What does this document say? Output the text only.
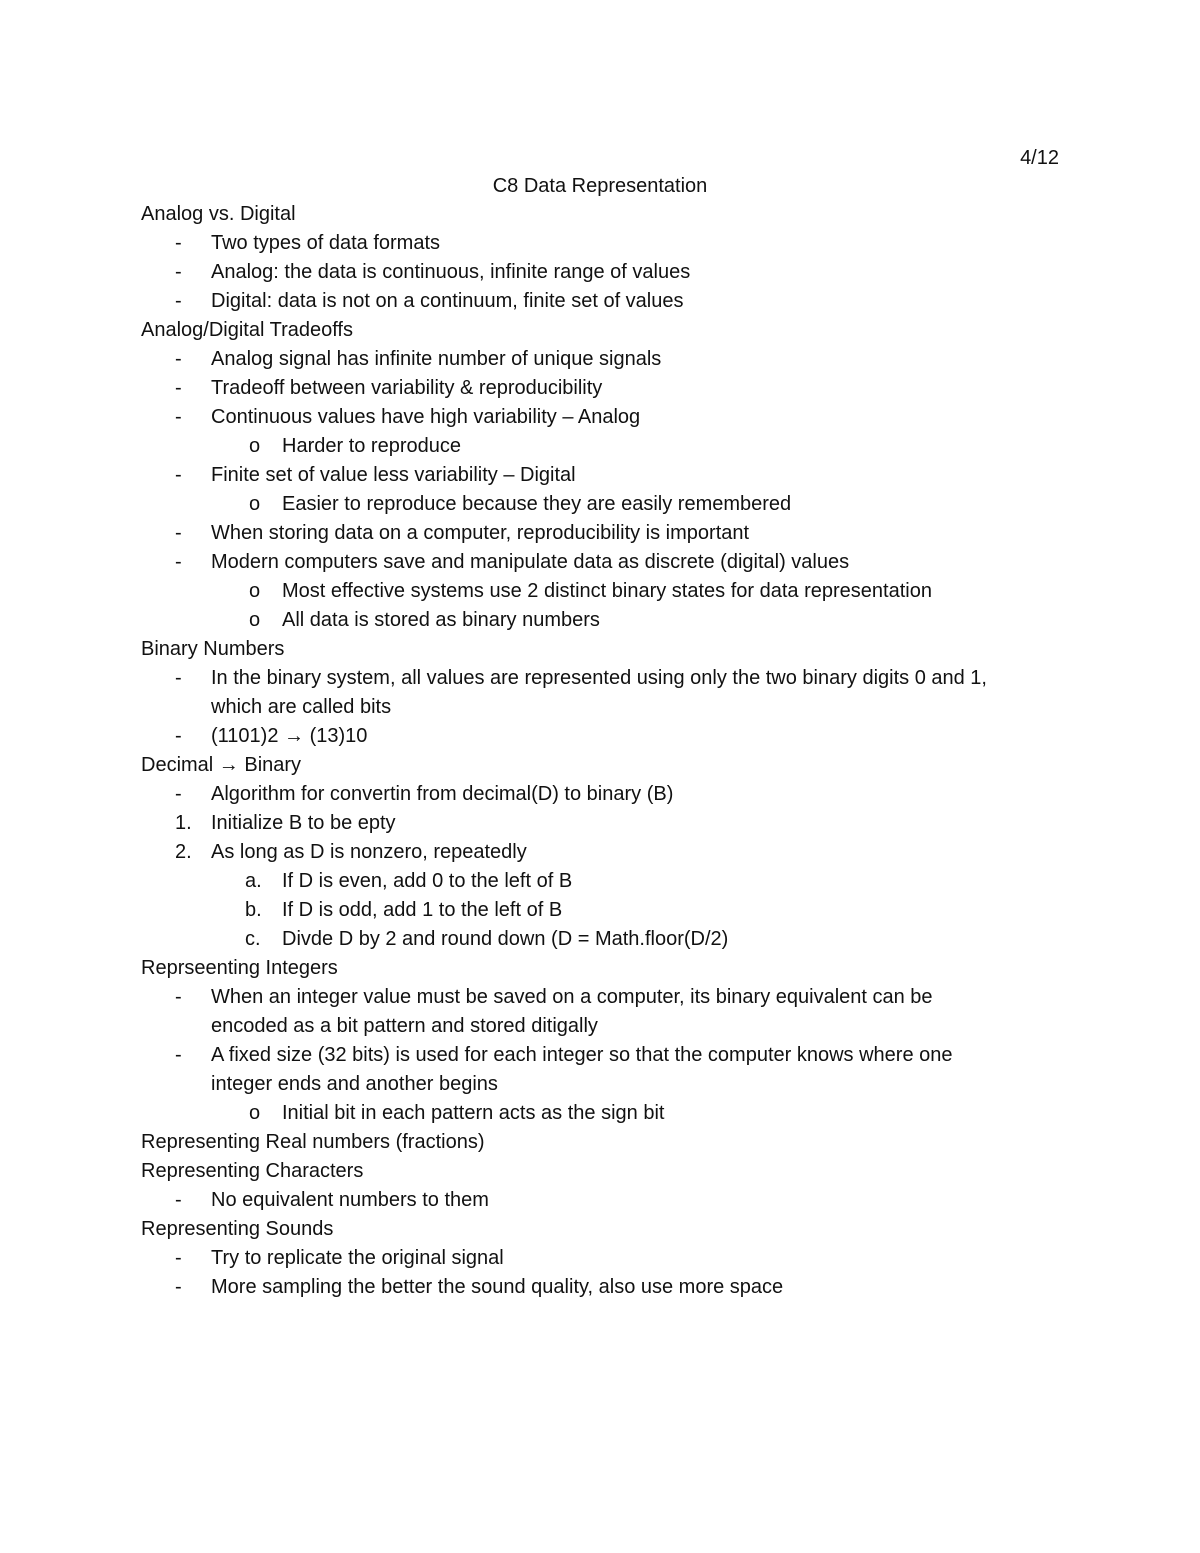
4/12
C8 Data Representation
Analog vs. Digital
- Two types of data formats
- Analog: the data is continuous, infinite range of values
- Digital: data is not on a continuum, finite set of values
Analog/Digital Tradeoffs
- Analog signal has infinite number of unique signals
- Tradeoff between variability & reproducibility
- Continuous values have high variability – Analog
o Harder to reproduce
- Finite set of value less variability – Digital
o Easier to reproduce because they are easily remembered
- When storing data on a computer, reproducibility is important
- Modern computers save and manipulate data as discrete (digital) values
o Most effective systems use 2 distinct binary states for data representation
o All data is stored as binary numbers
Binary Numbers
- In the binary system, all values are represented using only the two binary digits 0 and 1,
which are called bits
- (1101)2 → (13)10
Decimal → Binary
- Algorithm for convertin from decimal(D) to binary (B)
1. Initialize B to be epty
2. As long as D is nonzero, repeatedly
a. If D is even, add 0 to the left of B
b. If D is odd, add 1 to the left of B
c. Divde D by 2 and round down (D = Math.floor(D/2)
Reprseenting Integers
- When an integer value must be saved on a computer, its binary equivalent can be
encoded as a bit pattern and stored ditigally
- A fixed size (32 bits) is used for each integer so that the computer knows where one
integer ends and another begins
o Initial bit in each pattern acts as the sign bit
Representing Real numbers (fractions)
Representing Characters
- No equivalent numbers to them
Representing Sounds
- Try to replicate the original signal
- More sampling the better the sound quality, also use more space
